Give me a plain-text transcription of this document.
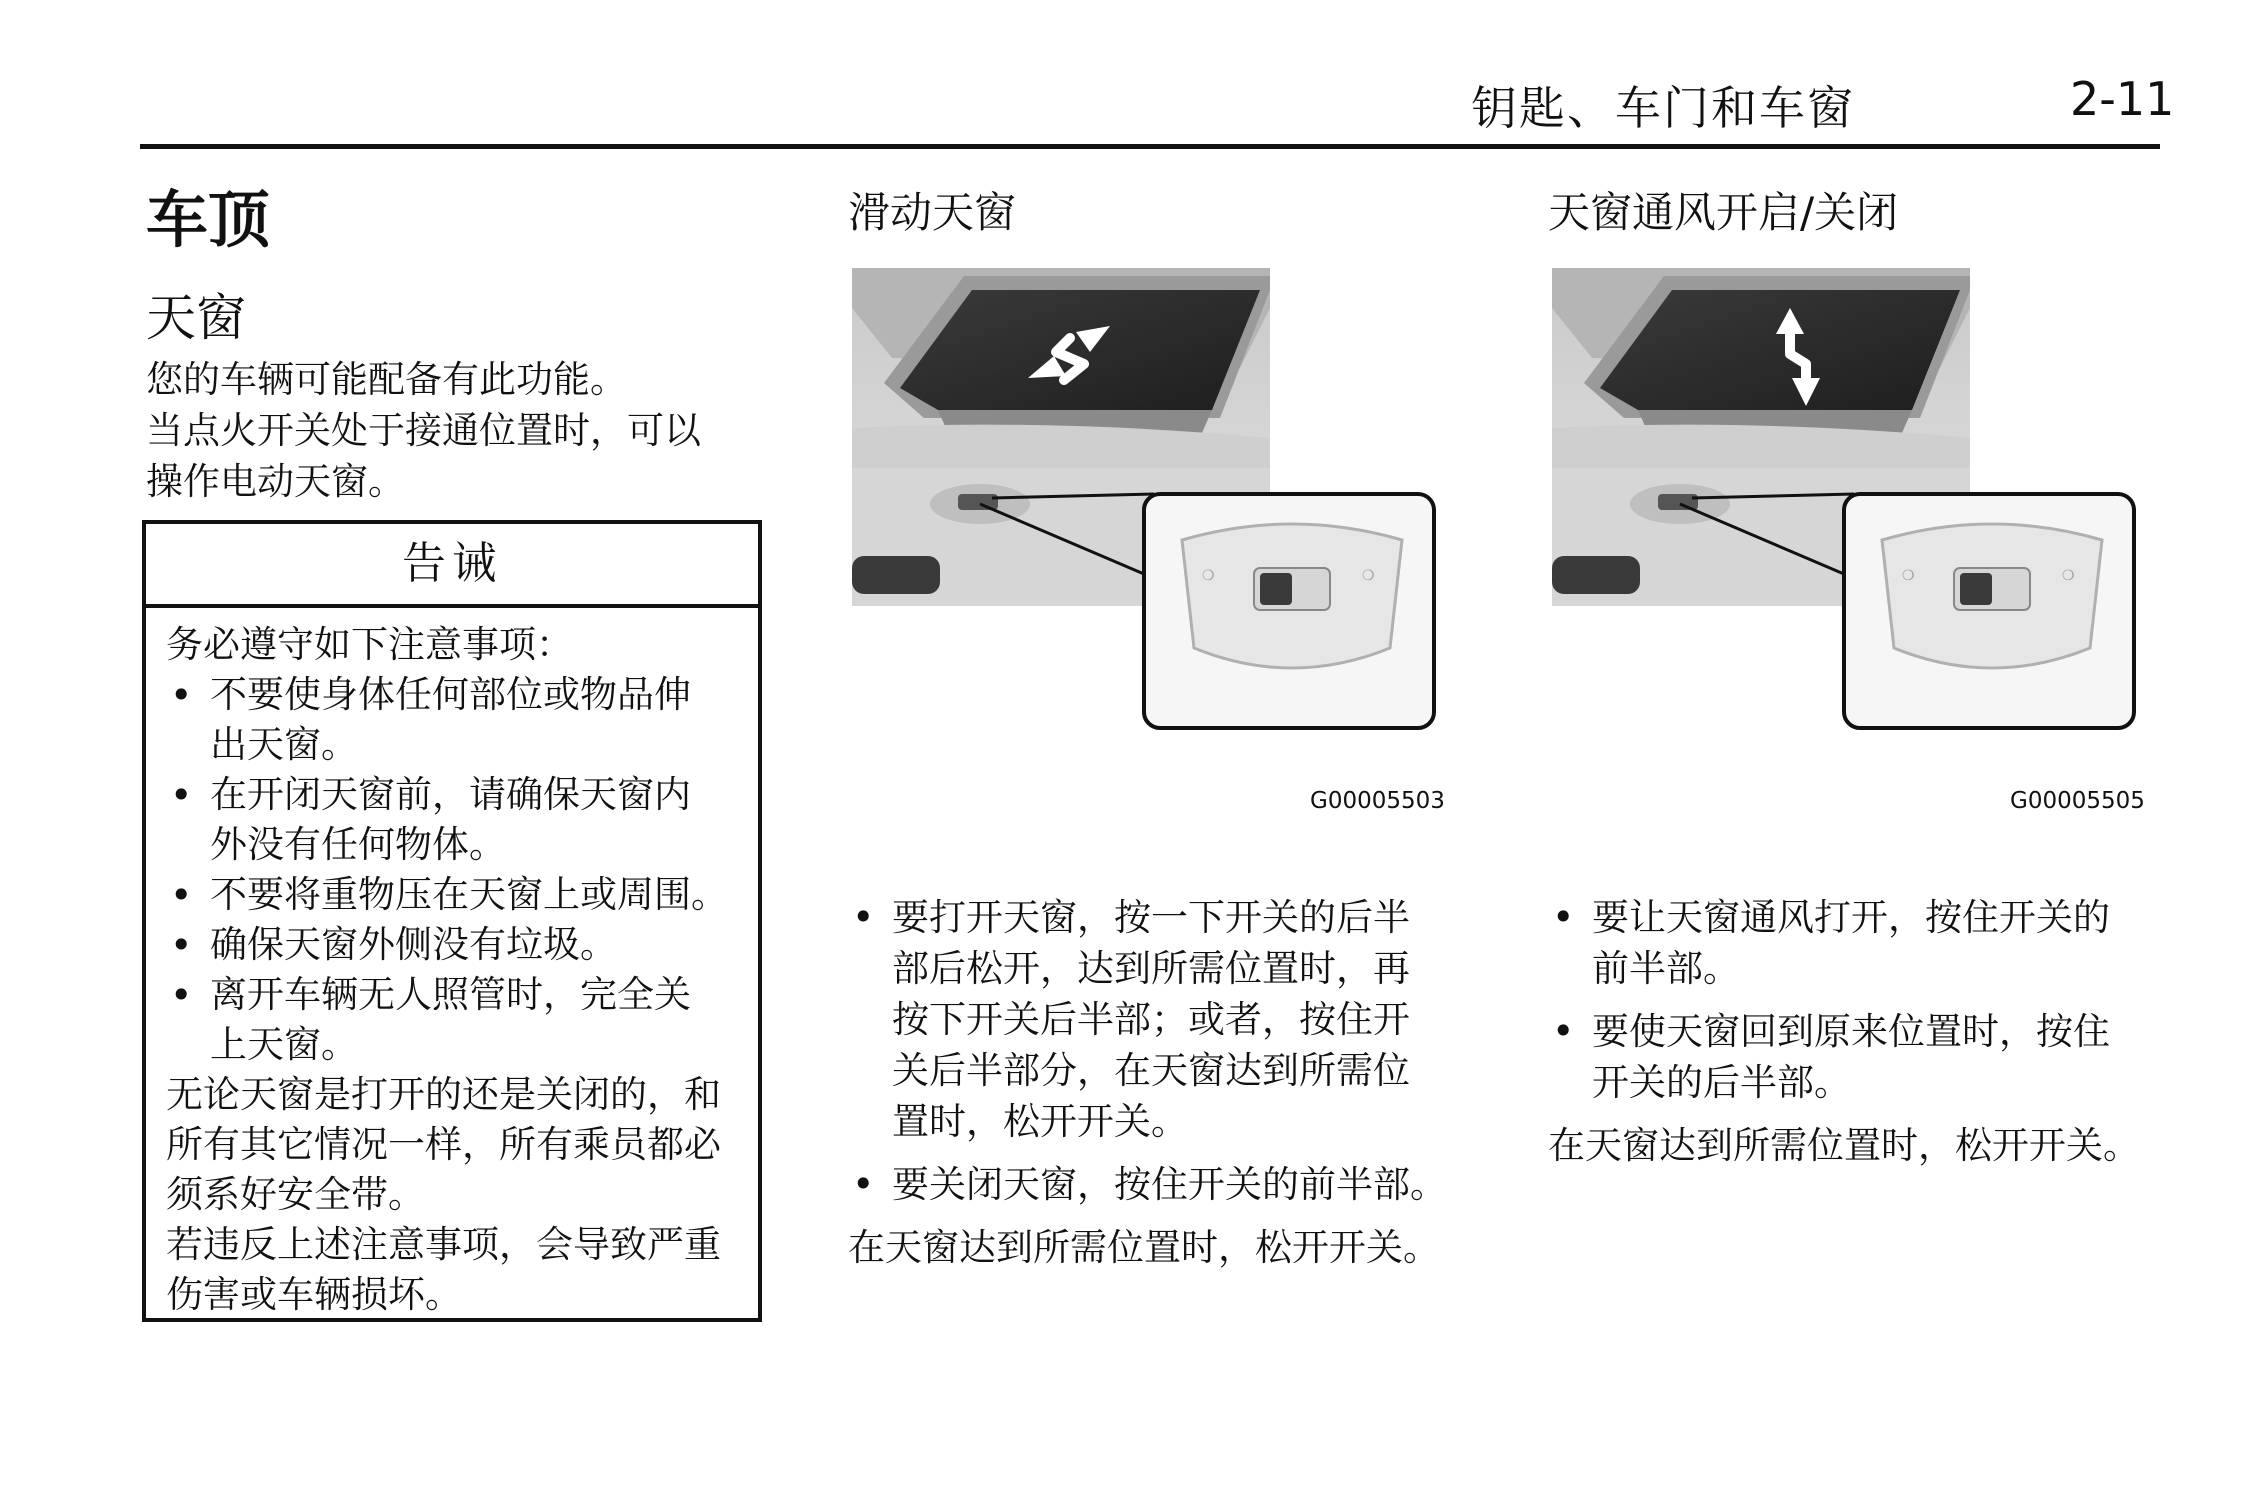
钥匙、车门和车窗	2-11
车顶
天窗
您的车辆可能配备有此功能。
当点火开关处于接通位置时，可以
操作电动天窗。
告诫
务必遵守如下注意事项：
• 不要使身体任何部位或物品伸
出天窗。
• 在开闭天窗前，请确保天窗内
外没有任何物体。
• 不要将重物压在天窗上或周围。
• 确保天窗外侧没有垃圾。
• 离开车辆无人照管时，完全关
上天窗。
无论天窗是打开的还是关闭的，和
所有其它情况一样，所有乘员都必
须系好安全带。
若违反上述注意事项，会导致严重
伤害或车辆损坏。
滑动天窗
❍	❍
G00005503
• 要打开天窗，按一下开关的后半
部后松开，达到所需位置时，再
按下开关后半部；或者，按住开
关后半部分，在天窗达到所需位
置时，松开开关。
• 要关闭天窗，按住开关的前半部。
在天窗达到所需位置时，松开开关。
天窗通风开启/关闭
❍	❍
G00005505
• 要让天窗通风打开，按住开关的
前半部。
• 要使天窗回到原来位置时，按住
开关的后半部。
在天窗达到所需位置时，松开开关。
